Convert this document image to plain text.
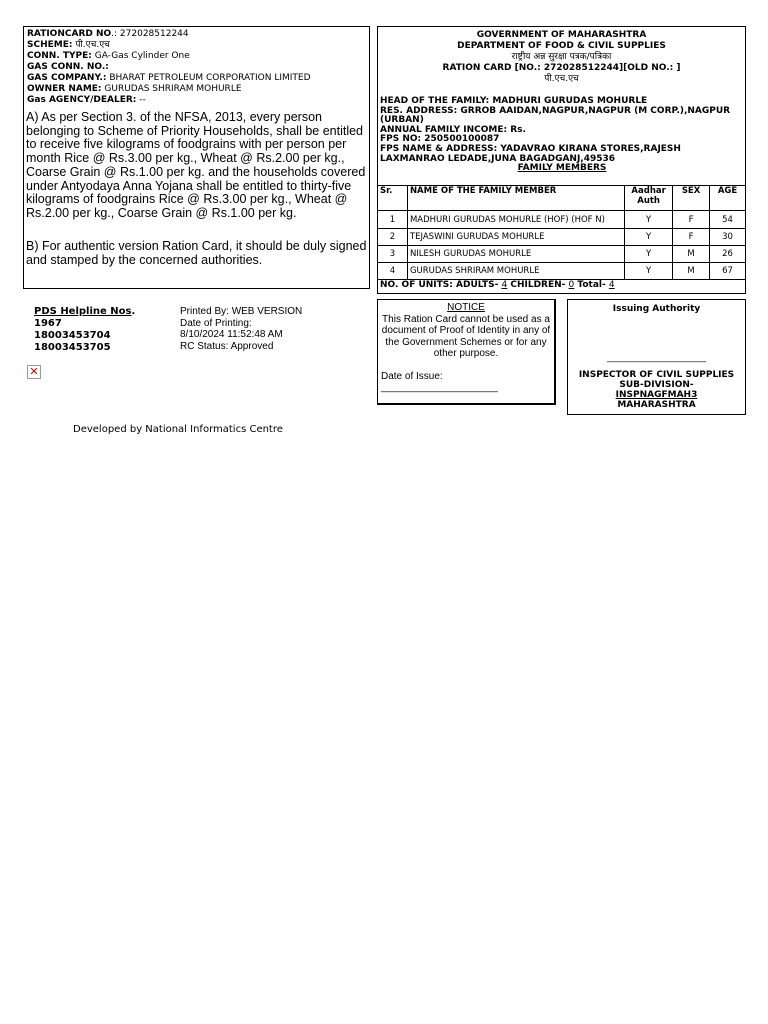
RATIONCARD NO.: 272028512244
SCHEME: पी.एच.एच
CONN. TYPE: GA-Gas Cylinder One
GAS CONN. NO.:
GAS COMPANY.: BHARAT PETROLEUM CORPORATION LIMITED
OWNER NAME: GURUDAS SHRIRAM MOHURLE
Gas AGENCY/DEALER: --

A) As per Section 3. of the NFSA, 2013, every person belonging to Scheme of Priority Households, shall be entitled to receive five kilograms of foodgrains with per person per month Rice @ Rs.3.00 per kg., Wheat @ Rs.2.00 per kg., Coarse Grain @ Rs.1.00 per kg. and the households covered under Antyodaya Anna Yojana shall be entitled to thirty-five kilograms of foodgrains Rice @ Rs.3.00 per kg., Wheat @ Rs.2.00 per kg., Coarse Grain @ Rs.1.00 per kg.

B) For authentic version Ration Card, it should be duly signed and stamped by the concerned authorities.

GOVERNMENT OF MAHARASHTRA
DEPARTMENT OF FOOD & CIVIL SUPPLIES
राष्ट्रीय अन्न सुरक्षा पत्रक/पत्रिका
RATION CARD [NO.: 272028512244][OLD NO.: ]
पी.एच.एच
HEAD OF THE FAMILY: MADHURI GURUDAS MOHURLE
RES. ADDRESS: GRROB AAIDAN,NAGPUR,NAGPUR (M CORP.),NAGPUR
(URBAN)
ANNUAL FAMILY INCOME: Rs.
FPS NO: 250500100087
FPS NAME & ADDRESS: YADAVRAO KIRANA STORES,RAJESH
LAXMANRAO LEDADE,JUNA BAGADGANJ,49536
FAMILY MEMBERS
Sr.	NAME OF THE FAMILY MEMBER	Aadhar Auth	SEX	AGE
1	MADHURI GURUDAS MOHURLE (HOF) (HOF N)	Y	F	54
2	TEJASWINI GURUDAS MOHURLE	Y	F	30
3	NILESH GURUDAS MOHURLE	Y	M	26
4	GURUDAS SHRIRAM MOHURLE	Y	M	67
NO. OF UNITS: ADULTS- 4 CHILDREN- 0 Total- 4
PDS Helpline Nos.
1967
18003453704
18003453705
Printed By: WEB VERSION
Date of Printing:
8/10/2024 11:52:48 AM
RC Status: Approved
✕
NOTICE
This Ration Card cannot be used as a document of Proof of Identity in any of the Government Schemes or for any other purpose.
Date of Issue:
_____________________
Issuing Authority
______________________
INSPECTOR OF CIVIL SUPPLIES
SUB-DIVISION-
INSPNAGFMAH3
MAHARASHTRA
Developed by National Informatics Centre
